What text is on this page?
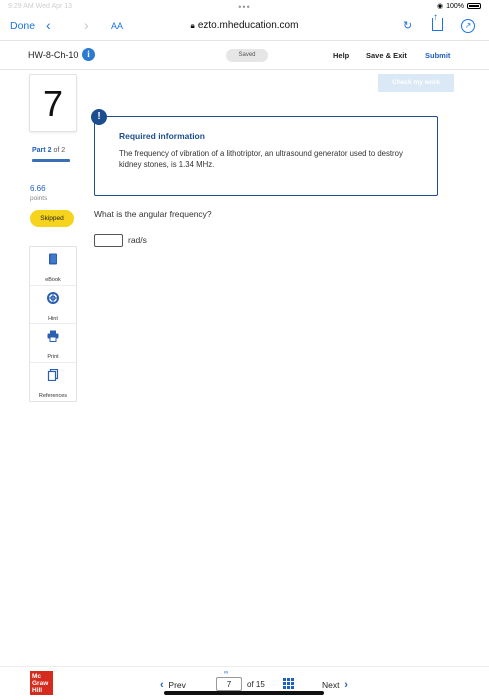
9:29 AM Wed Apr 13	•••	◉ 100%
Done ‹ › AA	🔒︎ ezto.mheducation.com	↻
↑	↗
HW-8-Ch-10 i	Saved	Help Save & Exit Submit
Check my work
7
Part 2 of 2
6.66
points
Skipped
eBook
Hint
Print
References
!
Required information
The frequency of vibration of a lithotriptor, an ultrasound generator used to destroy kidney stones, is 1.34 MHz.
What is the angular frequency?
rad/s
Mc
Graw
Hill	‹ Prev
∞
7	of 15	Next ›
